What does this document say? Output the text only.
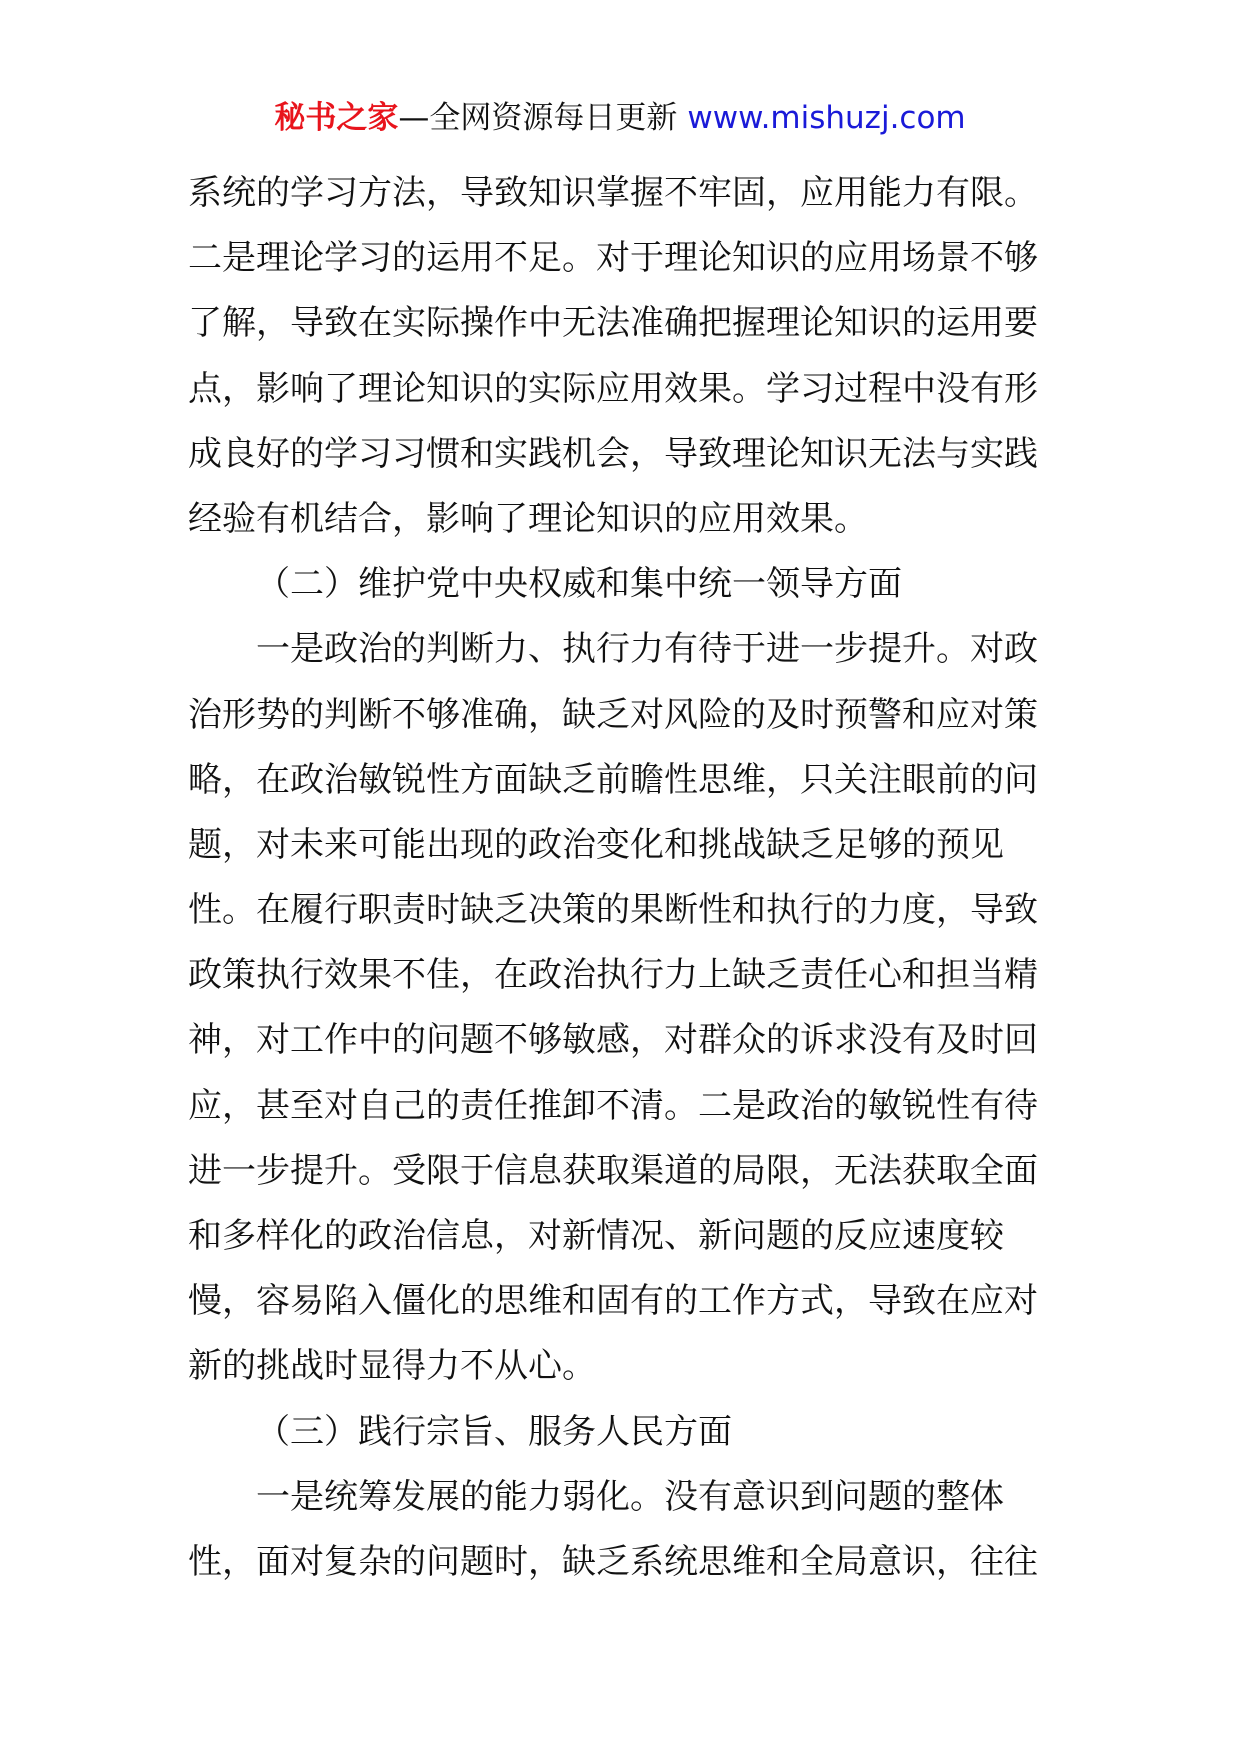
秘书之家—全网资源每日更新 www.mishuzj.com
系统的学习方法，导致知识掌握不牢固，应用能力有限。
二是理论学习的运用不足。对于理论知识的应用场景不够
了解，导致在实际操作中无法准确把握理论知识的运用要
点，影响了理论知识的实际应用效果。学习过程中没有形
成良好的学习习惯和实践机会，导致理论知识无法与实践
经验有机结合，影响了理论知识的应用效果。
（二）维护党中央权威和集中统一领导方面
一是政治的判断力、执行力有待于进一步提升。对政
治形势的判断不够准确，缺乏对风险的及时预警和应对策
略，在政治敏锐性方面缺乏前瞻性思维，只关注眼前的问
题，对未来可能出现的政治变化和挑战缺乏足够的预见
性。在履行职责时缺乏决策的果断性和执行的力度，导致
政策执行效果不佳，在政治执行力上缺乏责任心和担当精
神，对工作中的问题不够敏感，对群众的诉求没有及时回
应，甚至对自己的责任推卸不清。二是政治的敏锐性有待
进一步提升。受限于信息获取渠道的局限，无法获取全面
和多样化的政治信息，对新情况、新问题的反应速度较
慢，容易陷入僵化的思维和固有的工作方式，导致在应对
新的挑战时显得力不从心。
（三）践行宗旨、服务人民方面
一是统筹发展的能力弱化。没有意识到问题的整体
性，面对复杂的问题时，缺乏系统思维和全局意识，往往
